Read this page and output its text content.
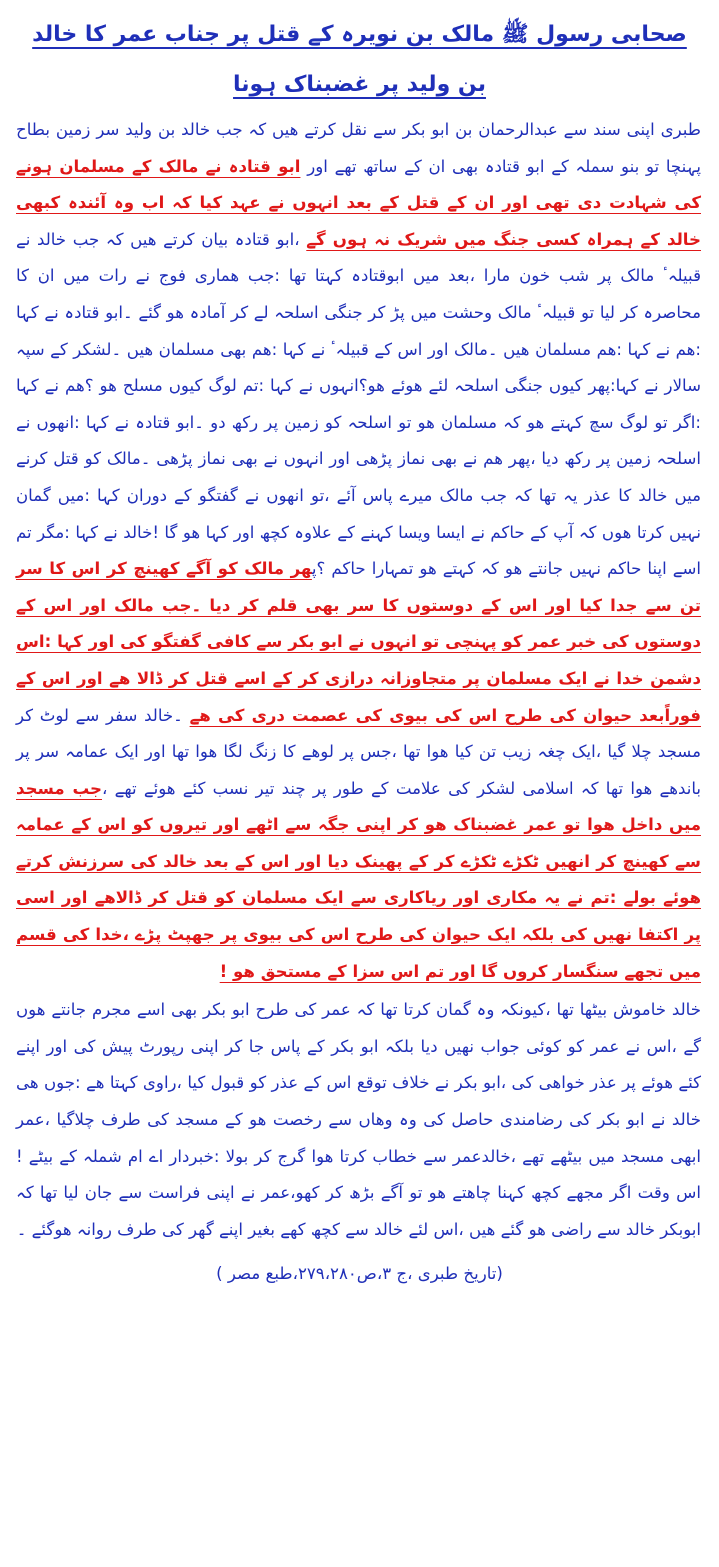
صحابی رسول ﷺ مالک بن نویرہ کے قتل پر جناب عمر کا خالد بن ولید پر غضبناک ہونا

طبری اپنی سند سے عبدالرحمان بن ابو بکر سے نقل کرتے ھیں کہ جب خالد بن ولید سر زمین بطاح پہنچا تو بنو سملہ کے ابو قتادہ بھی ان کے ساتھ تھے اور ابو قتادہ نے مالک کے مسلمان ہونے کی شہادت دی تھی اور ان کے قتل کے بعد انہوں نے عہد کیا کہ اب وہ آئندہ کبھی خالد کے ہمراہ کسی جنگ میں شریک نہ ہوں گے ،ابو قتادہ بیان کرتے ھیں کہ جب خالد نے قبیلہٴ مالک پر شب خون مارا ،بعد میں ابوقتادہ کہتا تھا :جب ھماری فوج نے رات میں ان کا محاصرہ کر لیا تو قبیلہٴ مالک وحشت میں پڑ کر جنگی اسلحہ لے کر آمادہ ھو گئے ۔ابو قتادہ نے کہا :ھم نے کہا :ھم مسلمان ھیں ۔مالک اور اس کے قبیلہٴ نے کہا :ھم بھی مسلمان ھیں ۔لشکر کے سپہ سالار نے کہا:پھر کیوں جنگی اسلحہ لئے ھوئے ھو؟انہوں نے کہا :تم لوگ کیوں مسلح ھو ؟ھم نے کہا :اگر تو لوگ سچ کہتے ھو کہ مسلمان ھو تو اسلحہ کو زمین پر رکھ دو ۔ابو قتادہ نے کہا :انھوں نے اسلحہ زمین پر رکھ دیا ،پھر ھم نے بھی نماز پڑھی اور انہوں نے بھی نماز پڑھی ۔مالک کو قتل کرنے میں خالد کا عذر یہ تھا کہ جب مالک میرے پاس آئے ،تو انھوں نے گفتگو کے دوران کہا :میں گمان نہیں کرتا ھوں کہ آپ کے حاکم نے ایسا ویسا کہنے کے علاوہ کچھ اور کہا ھو گا !خالد نے کہا :مگر تم اسے اپنا حاکم نہیں جانتے ھو کہ کہتے ھو تمہارا حاکم ؟پھر مالک کو آگے کھینچ کر اس کا سر تن سے جدا کیا اور اس کے دوستوں کا سر بھی قلم کر دیا ۔جب مالک اور اس کے دوستوں کی خبر عمر کو پہنچی تو انہوں نے ابو بکر سے کافی گفتگو کی اور کہا :اس دشمن خدا نے ایک مسلمان پر متجاوزانہ درازی کر کے اسے قتل کر ڈالا ھے اور اس کے فوراًبعد حیوان کی طرح اس کی بیوی کی عصمت دری کی ھے ۔خالد سفر سے لوٹ کر مسجد چلا گیا ،ایک چغہ زیب تن کیا ھوا تھا ،جس پر لوھے کا زنگ لگا ھوا تھا اور ایک عمامہ سر پر باندھے ھوا تھا کہ اسلامی لشکر کی علامت کے طور پر چند تیر نسب کئے ھوئے تھے ،جب مسجد میں داخل ھوا تو عمر غضبناک ھو کر اپنی جگہ سے اٹھے اور تیروں کو اس کے عمامہ سے کھینچ کر انھیں ٹکڑے ٹکڑے کر کے پھینک دیا اور اس کے بعد خالد کی سرزنش کرتے ھوئے بولے :تم نے یہ مکاری اور ریاکاری سے ایک مسلمان کو قتل کر ڈالاھے اور اسی پر اکتفا نھیں کی بلکہ ایک حیوان کی طرح اس کی بیوی پر جھپٹ پڑے ،خدا کی قسم میں تجھے سنگسار کروں گا اور تم اس سزا کے مستحق ھو !

خالد خاموش بیٹھا تھا ،کیونکہ وہ گمان کرتا تھا کہ عمر کی طرح ابو بکر بھی اسے مجرم جانتے ھوں گے ،اس نے عمر کو کوئی جواب نھیں دیا بلکہ ابو بکر کے پاس جا کر اپنی رپورٹ پیش کی اور اپنے کئے ھوئے پر عذر خواھی کی ،ابو بکر نے خلاف توقع اس کے عذر کو قبول کیا ،راوی کہتا ھے :جوں ھی خالد نے ابو بکر کی رضامندی حاصل کی وہ وھاں سے رخصت ھو کے مسجد کی طرف چلاگیا ،عمر ابھی مسجد میں بیٹھے تھے ،خالدعمر سے خطاب کرتا ھوا گرج کر بولا :خبردار اے ام شملہ کے بیٹے !اس وقت اگر مجھے کچھ کہنا چاھتے ھو تو آگے بڑھ کر کھو،عمر نے اپنی فراست سے جان لیا تھا کہ ابوبکر خالد سے راضی ھو گئے ھیں ،اس لئے خالد سے کچھ کھے بغیر اپنے گھر کی طرف روانہ ھوگئے ۔

(تاریخ طبری ،ج ۳،ص۲۷۹،۲۸۰،طبع مصر )
